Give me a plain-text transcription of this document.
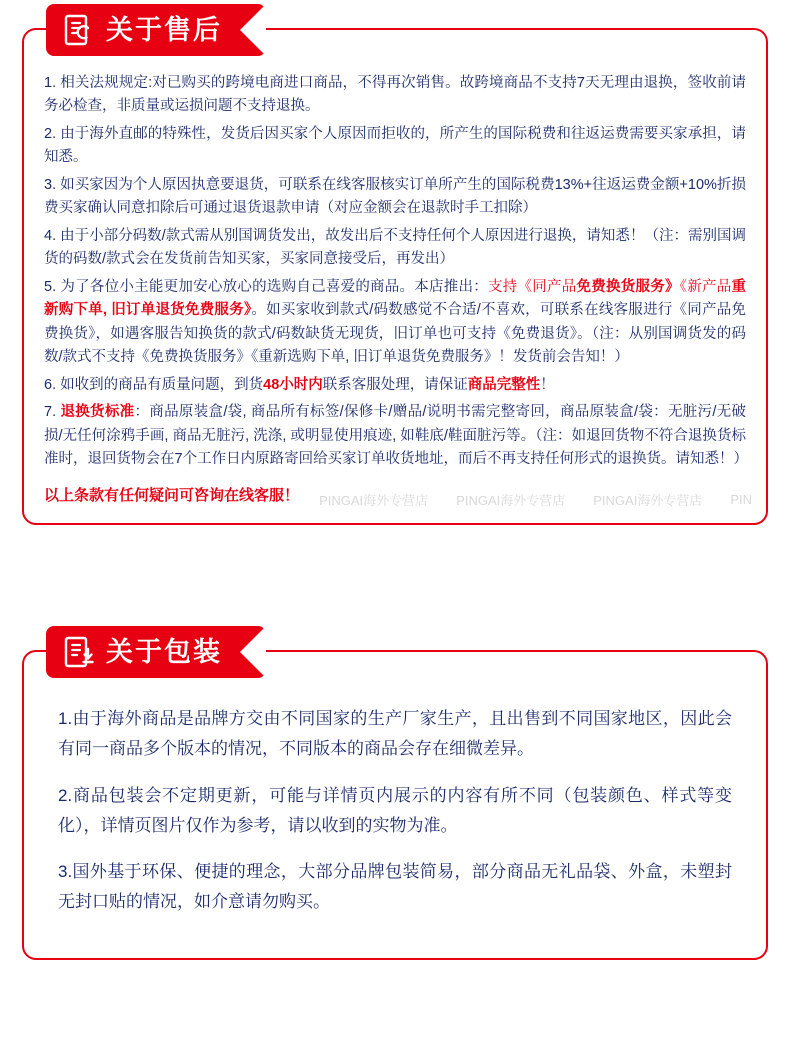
关于售后

1. 相关法规规定:对已购买的跨境电商进口商品，不得再次销售。故跨境商品不支持7天无理由退换，签收前请务必检查，非质量或运损问题不支持退换。

2. 由于海外直邮的特殊性，发货后因买家个人原因而拒收的，所产生的国际税费和往返运费需要买家承担，请知悉。

3. 如买家因为个人原因执意要退货，可联系在线客服核实订单所产生的国际税费13%+往返运费金额+10%折损费买家确认同意扣除后可通过退货退款申请（对应金额会在退款时手工扣除）

4. 由于小部分码数/款式需从别国调货发出，故发出后不支持任何个人原因进行退换，请知悉！（注：需别国调货的码数/款式会在发货前告知买家，买家同意接受后，再发出）

5. 为了各位小主能更加安心放心的选购自己喜爱的商品。本店推出：支持《同产品免费换货服务》《新产品重新购下单, 旧订单退货免费服务》。如买家收到款式/码数感觉不合适/不喜欢，可联系在线客服进行《同产品免费换货》，如遇客服告知换货的款式/码数缺货无现货，旧订单也可支持《免费退货》。（注：从别国调货发的码数/款式不支持《免费换货服务》《重新选购下单, 旧订单退货免费服务》！发货前会告知！）

6. 如收到的商品有质量问题，到货48小时内联系客服处理，请保证商品完整性！

7. 退换货标准：商品原装盒/袋, 商品所有标签/保修卡/赠品/说明书需完整寄回，商品原装盒/袋：无脏污/无破损/无任何涂鸦手画, 商品无脏污, 洗涤, 或明显使用痕迹, 如鞋底/鞋面脏污等。（注：如退回货物不符合退换货标准时，退回货物会在7个工作日内原路寄回给买家订单收货地址，而后不再支持任何形式的退换货。请知悉！）

以上条款有任何疑问可咨询在线客服！	PINGAI海外专营店 PINGAI海外专营店 PINGAI海外专营店 PIN
关于包装

1.由于海外商品是品牌方交由不同国家的生产厂家生产，且出售到不同国家地区，因此会有同一商品多个版本的情况，不同版本的商品会存在细微差异。

2.商品包装会不定期更新，可能与详情页内展示的内容有所不同（包装颜色、样式等变化），详情页图片仅作为参考，请以收到的实物为准。

3.国外基于环保、便捷的理念，大部分品牌包装简易，部分商品无礼品袋、外盒，未塑封无封口贴的情况，如介意请勿购买。
